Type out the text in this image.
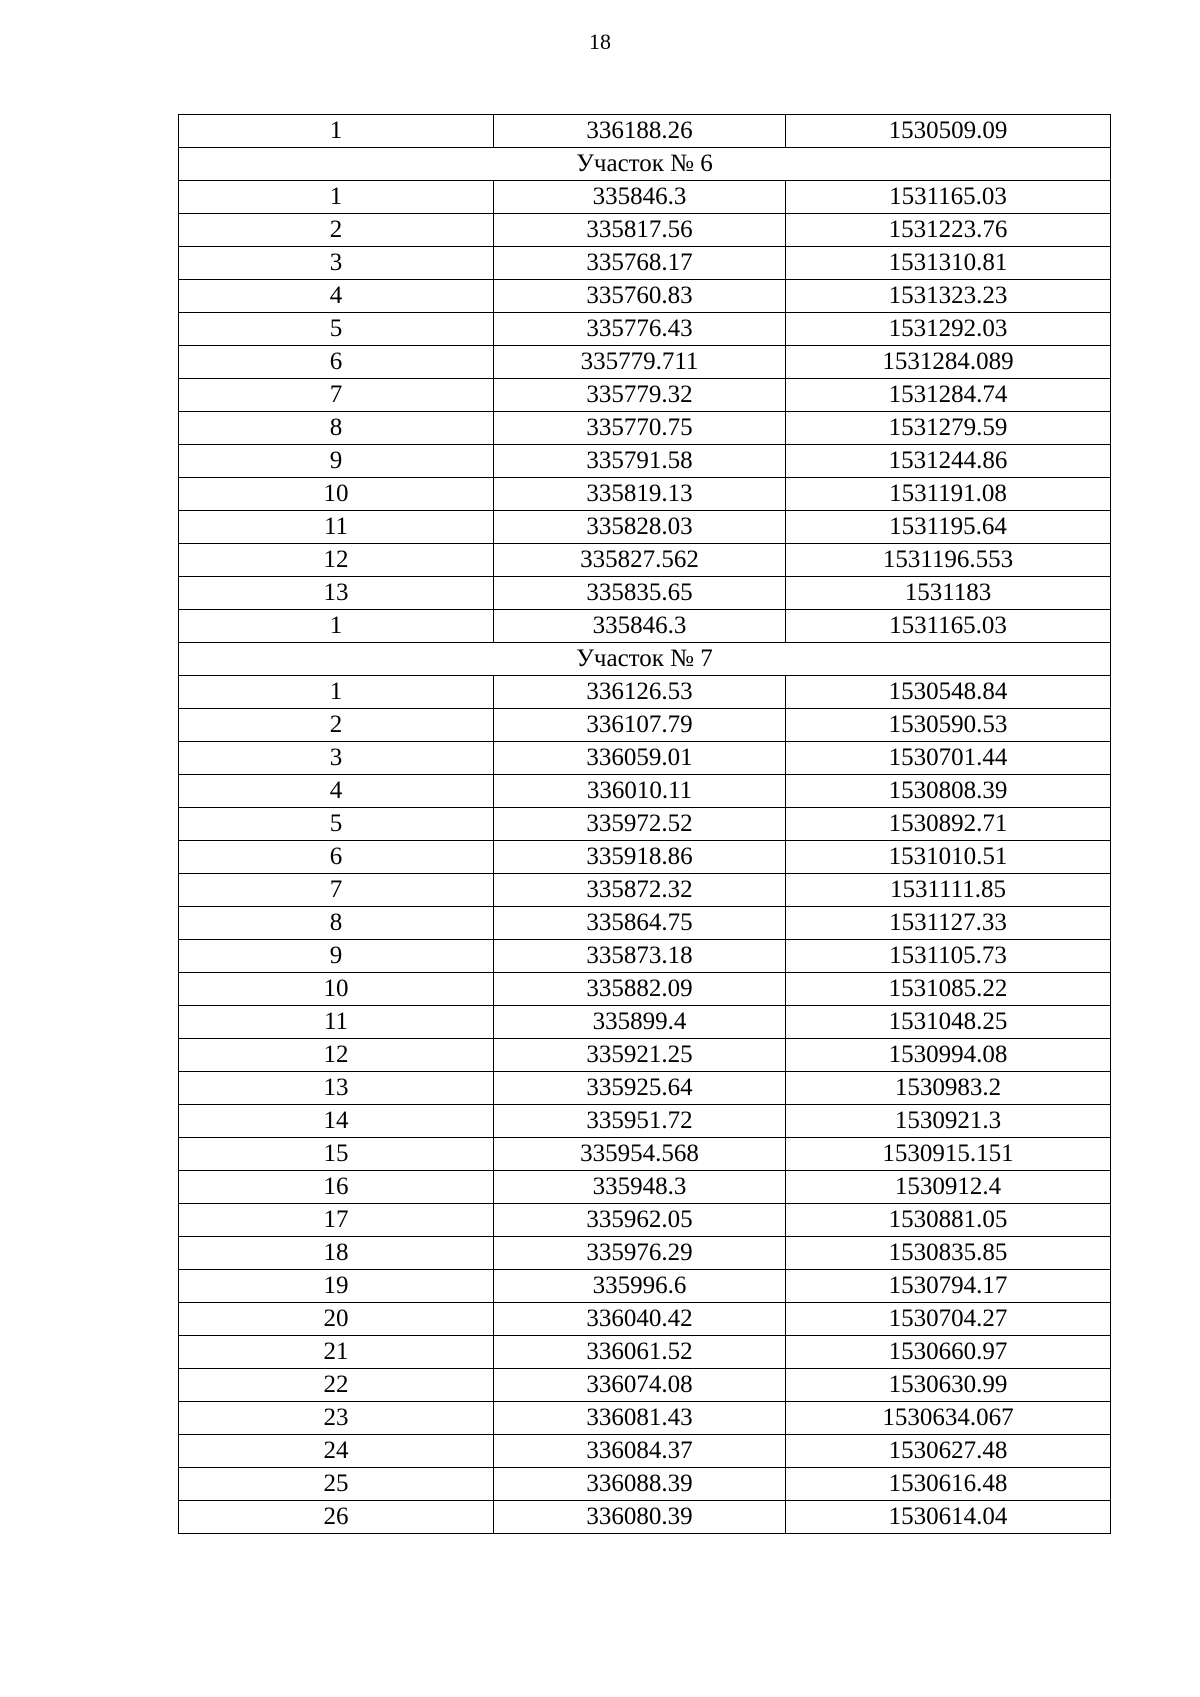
18
1	336188.26	1530509.09
Участок № 6		
1	335846.3	1531165.03
2	335817.56	1531223.76
3	335768.17	1531310.81
4	335760.83	1531323.23
5	335776.43	1531292.03
6	335779.711	1531284.089
7	335779.32	1531284.74
8	335770.75	1531279.59
9	335791.58	1531244.86
10	335819.13	1531191.08
11	335828.03	1531195.64
12	335827.562	1531196.553
13	335835.65	1531183
1	335846.3	1531165.03
Участок № 7		
1	336126.53	1530548.84
2	336107.79	1530590.53
3	336059.01	1530701.44
4	336010.11	1530808.39
5	335972.52	1530892.71
6	335918.86	1531010.51
7	335872.32	1531111.85
8	335864.75	1531127.33
9	335873.18	1531105.73
10	335882.09	1531085.22
11	335899.4	1531048.25
12	335921.25	1530994.08
13	335925.64	1530983.2
14	335951.72	1530921.3
15	335954.568	1530915.151
16	335948.3	1530912.4
17	335962.05	1530881.05
18	335976.29	1530835.85
19	335996.6	1530794.17
20	336040.42	1530704.27
21	336061.52	1530660.97
22	336074.08	1530630.99
23	336081.43	1530634.067
24	336084.37	1530627.48
25	336088.39	1530616.48
26	336080.39	1530614.04
